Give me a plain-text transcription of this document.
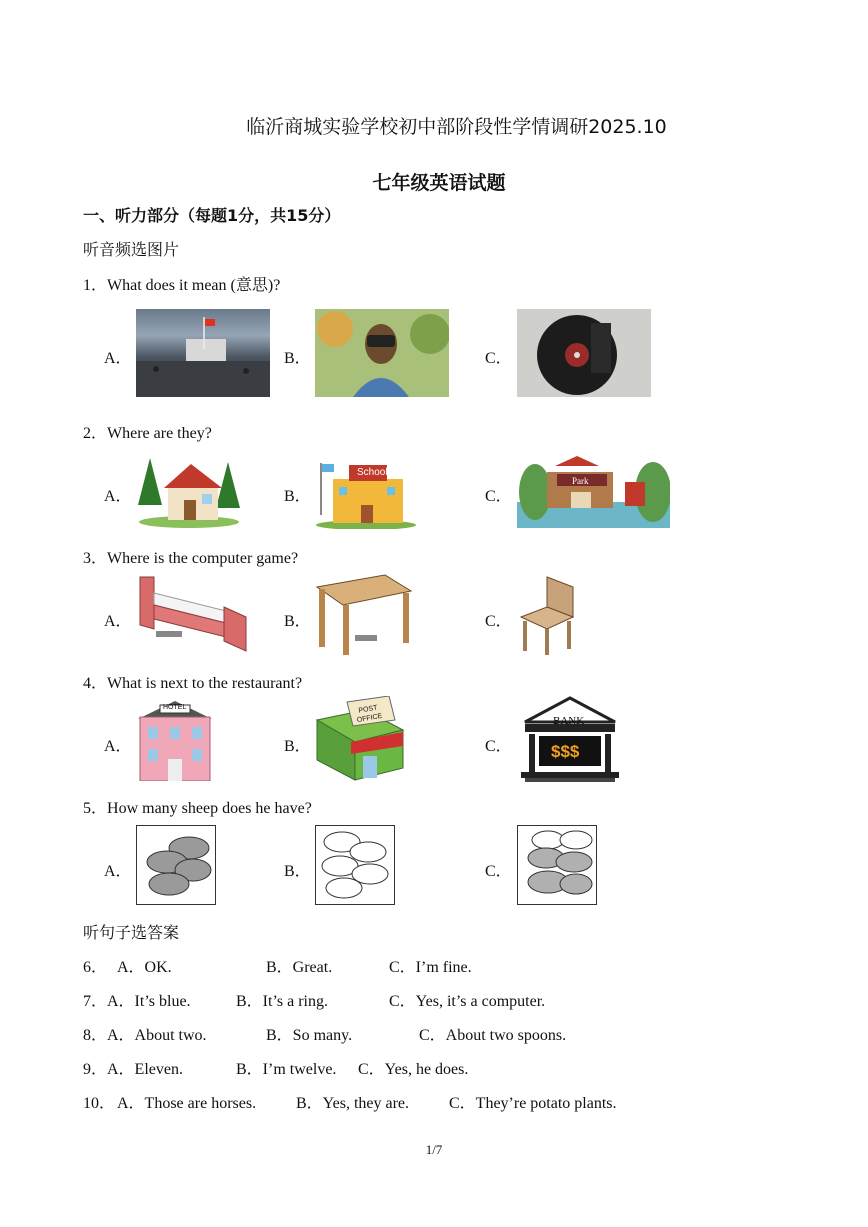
临沂商城实验学校初中部阶段性学情调研2025.10
七年级英语试题
一、听力部分（每题1分，共15分）
听音频选图片
1．What does it mean (意思)?
A．	B．	C．
2．Where are they?
A．	B．
School
C．
Park
3．Where is the computer game?
A．	B．	C．
4．What is next to the restaurant?
A．
HOTEL
B．
POST
OFFICE
C．
BANK
$$$
5．How many sheep does he have?
A．	B．	C．
听句子选答案
6． A．OK.	B．Great.	C．I’m fine.
7． A．It’s blue.	B．It’s a ring.	C．Yes, it’s a computer.
8． A．About two.	B．So many.	C．About two spoons.
9． A．Eleven.	B．I’m twelve. C．Yes, he does.
10． A．Those are horses. B．Yes, they are. C．They’re potato plants.
1/7
